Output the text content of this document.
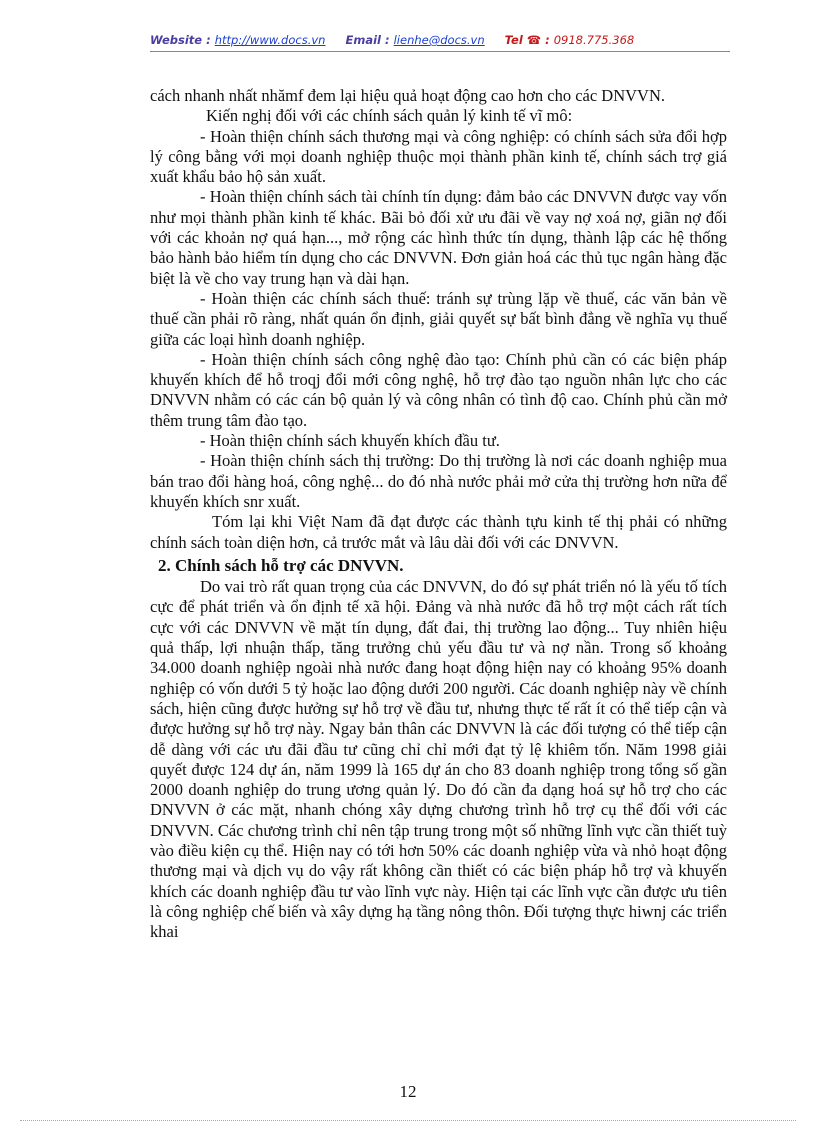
Website : http://www.docs.vn Email : lienhe@docs.vn Tel ☎ : 0918.775.368

cách nhanh nhất nhămf đem lại hiệu quả hoạt động cao hơn cho các DNVVN.

Kiến nghị đối với các chính sách quản lý kinh tế vĩ mô:

- Hoàn thiện chính sách thương mại và công nghiệp: có chính sách sửa đổi hợp lý công bằng với mọi doanh nghiệp thuộc mọi thành phần kinh tế, chính sách trợ giá xuất khẩu bảo hộ sản xuất.

- Hoàn thiện chính sách tài chính tín dụng: đảm bảo các DNVVN được vay vốn như mọi thành phần kinh tế khác. Bãi bỏ đối xử ưu đãi về vay nợ xoá nợ, giãn nợ đối với các khoản nợ quá hạn..., mở rộng các hình thức tín dụng, thành lập các hệ thống bảo hành bảo hiểm tín dụng cho các DNVVN. Đơn giản hoá các thủ tục ngân hàng đặc biệt là về cho vay trung hạn và dài hạn.

- Hoàn thiện các chính sách thuế: tránh sự trùng lặp về thuế, các văn bản về thuế cần phải rõ ràng, nhất quán ổn định, giải quyết sự bất bình đẳng về nghĩa vụ thuế giữa các loại hình doanh nghiệp.

- Hoàn thiện chính sách công nghệ đào tạo: Chính phủ cần có các biện pháp khuyến khích để hỗ troqj đổi mới công nghệ, hỗ trợ đào tạo nguồn nhân lực cho các DNVVN nhằm có các cán bộ quản lý và công nhân có tình độ cao. Chính phủ cần mở thêm trung tâm đào tạo.

- Hoàn thiện chính sách khuyến khích đầu tư.

- Hoàn thiện chính sách thị trường: Do thị trường là nơi các doanh nghiệp mua bán trao đổi hàng hoá, công nghệ... do đó nhà nước phải mở cửa thị trường hơn nữa để khuyến khích snr xuất.

Tóm lại khi Việt Nam đã đạt được các thành tựu kinh tế thị phải có những chính sách toàn diện hơn, cả trước mắt và lâu dài đối với các DNVVN.

2. Chính sách hỗ trợ các DNVVN.

Do vai trò rất quan trọng của các DNVVN, do đó sự phát triển nó là yếu tố tích cực để phát triển và ổn định tế xã hội. Đảng và nhà nước đã hỗ trợ một cách rất tích cực với các DNVVN về mặt tín dụng, đất đai, thị trường lao động... Tuy nhiên hiệu quả thấp, lợi nhuận thấp, tăng trưởng chủ yếu đầu tư và nợ nần. Trong số khoảng 34.000 doanh nghiệp ngoài nhà nước đang hoạt động hiện nay có khoảng 95% doanh nghiệp có vốn dưới 5 tỷ hoặc lao động dưới 200 người. Các doanh nghiệp này về chính sách, hiện cũng được hưởng sự hỗ trợ về đầu tư, nhưng thực tế rất ít có thể tiếp cận và được hưởng sự hỗ trợ này. Ngay bản thân các DNVVN là các đối tượng có thể tiếp cận dễ dàng với các ưu đãi đầu tư cũng chỉ chỉ mới đạt tỷ lệ khiêm tốn. Năm 1998 giải quyết được 124 dự án, năm 1999 là 165 dự án cho 83 doanh nghiệp trong tổng số gần 2000 doanh nghiệp do trung ương quản lý. Do đó cần đa dạng hoá sự hỗ trợ cho các DNVVN ở các mặt, nhanh chóng xây dựng chương trình hỗ trợ cụ thể đối với các DNVVN. Các chương trình chỉ nên tập trung trong một số những lĩnh vực cần thiết tuỳ vào điều kiện cụ thể. Hiện nay có tới hơn 50% các doanh nghiệp vừa và nhỏ hoạt động thương mại và dịch vụ do vậy rất không cần thiết có các biện pháp hỗ trợ và khuyến khích các doanh nghiệp đầu tư vào lĩnh vực này. Hiện tại các lĩnh vực cần được ưu tiên là công nghiệp chế biến và xây dựng hạ tầng nông thôn. Đối tượng thực hiwnj các triển khai

12
